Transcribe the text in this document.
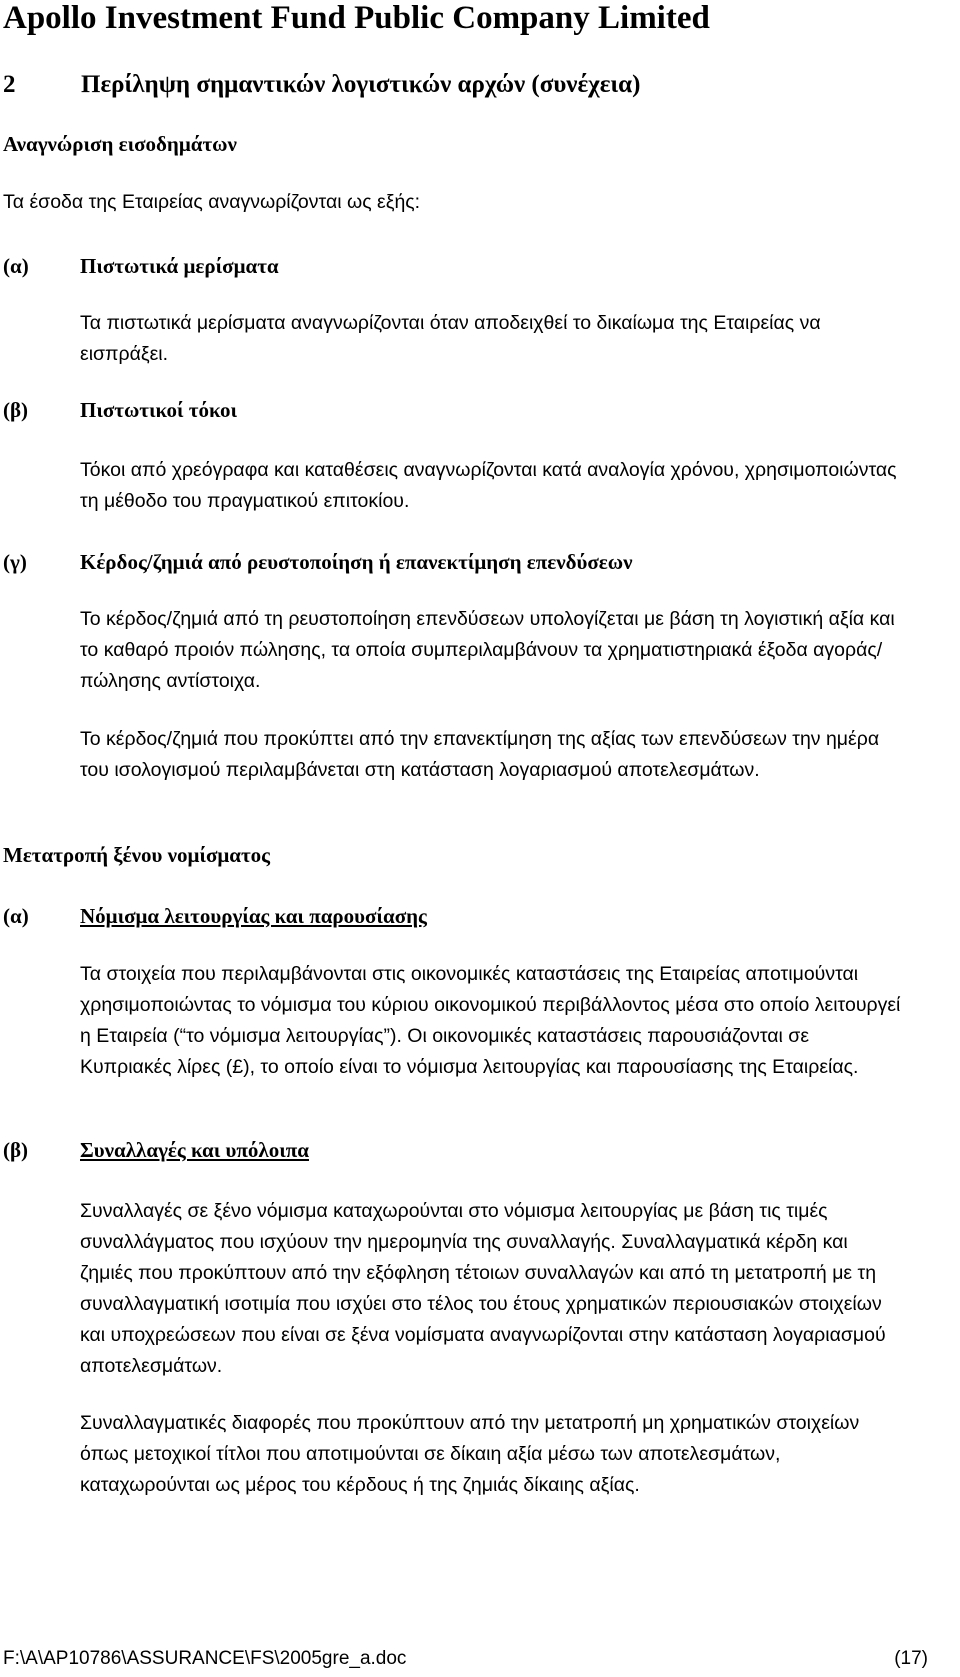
Apollo Investment Fund Public Company Limited
2	Περίληψη σημαντικών λογιστικών αρχών (συνέχεια)
Αναγνώριση εισοδημάτων

Τα έσοδα της Εταιρείας αναγνωρίζονται ως εξής:

(α) Πιστωτικά μερίσματα

Τα πιστωτικά μερίσματα αναγνωρίζονται όταν αποδειχθεί το δικαίωμα της Εταιρείας να εισπράξει.

(β) Πιστωτικοί τόκοι

Τόκοι από χρεόγραφα και καταθέσεις αναγνωρίζονται κατά αναλογία χρόνου, χρησιμοποιώντας τη μέθοδο του πραγματικού επιτοκίου.

(γ)	Κέρδος/ζημιά από ρευστοποίηση ή επανεκτίμηση επενδύσεων

Το κέρδος/ζημιά από τη ρευστοποίηση επενδύσεων υπολογίζεται με βάση τη λογιστική αξία και το καθαρό προιόν πώλησης, τα οποία συμπεριλαμβάνουν τα χρηματιστηριακά έξοδα αγοράς/πώλησης αντίστοιχα.

Το κέρδος/ζημιά που προκύπτει από την επανεκτίμηση της αξίας των επενδύσεων την ημέρα του ισολογισμού περιλαμβάνεται στη κατάσταση λογαριασμού αποτελεσμάτων.

Μετατροπή ξένου νομίσματος
(α) Νόμισμα λειτουργίας και παρουσίασης

Τα στοιχεία που περιλαμβάνονται στις οικονομικές καταστάσεις της Εταιρείας αποτιμούνται χρησιμοποιώντας το νόμισμα του κύριου οικονομικού περιβάλλοντος μέσα στο οποίο λειτουργεί η Εταιρεία (“το νόμισμα λειτουργίας”). Οι οικονομικές καταστάσεις παρουσιάζονται σε Κυπριακές λίρες (£), το οποίο είναι το νόμισμα λειτουργίας και παρουσίασης της Εταιρείας.

(β) Συναλλαγές και υπόλοιπα

Συναλλαγές σε ξένο νόμισμα καταχωρούνται στο νόμισμα λειτουργίας με βάση τις τιμές συναλλάγματος που ισχύουν την ημερομηνία της συναλλαγής. Συναλλαγματικά κέρδη και ζημιές που προκύπτουν από την εξόφληση τέτοιων συναλλαγών και από τη μετατροπή με τη συναλλαγματική ισοτιμία που ισχύει στο τέλος του έτους χρηματικών περιουσιακών στοιχείων και υποχρεώσεων που είναι σε ξένα νομίσματα αναγνωρίζονται στην κατάσταση λογαριασμού αποτελεσμάτων.

Συναλλαγματικές διαφορές που προκύπτουν από την μετατροπή μη χρηματικών στοιχείων όπως μετοχικοί τίτλοι που αποτιμούνται σε δίκαιη αξία μέσω των αποτελεσμάτων, καταχωρούνται ως μέρος του κέρδους ή της ζημιάς δίκαιης αξίας.

F:\A\AP10786\ASSURANCE\FS\2005gre_a.doc	(17)
